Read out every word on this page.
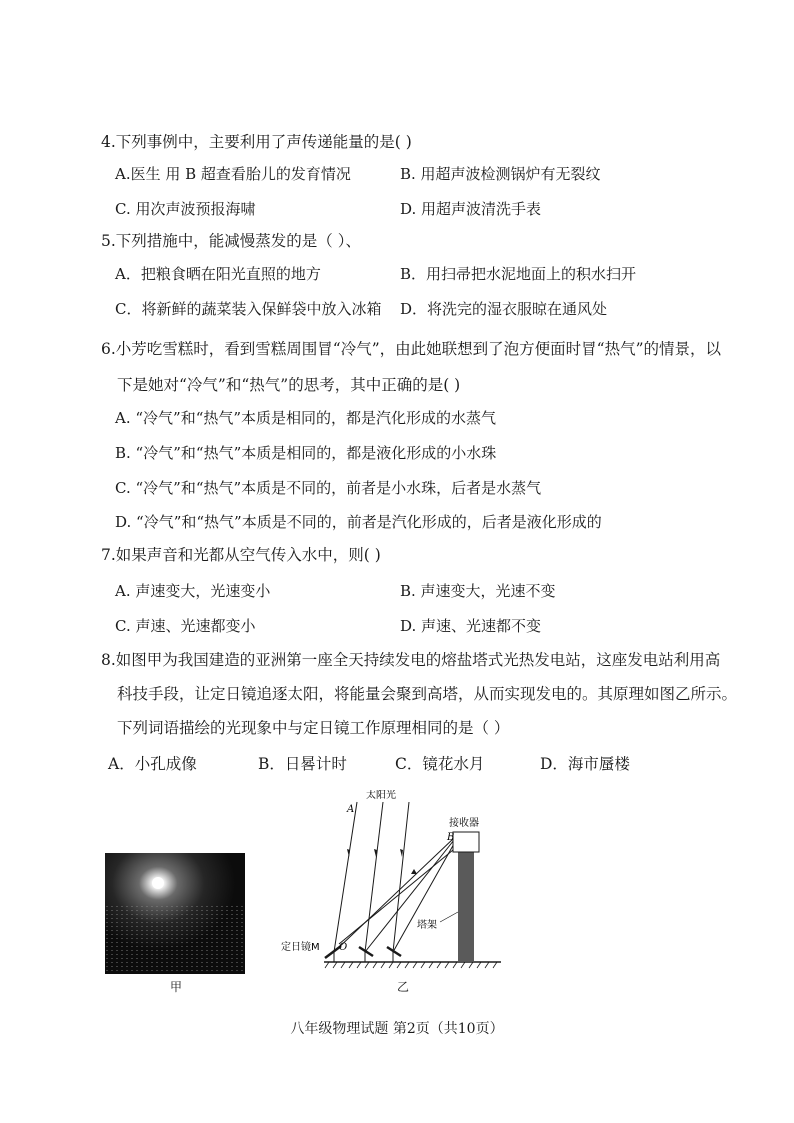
4.下列事例中，主要利用了声传递能量的是( )
A.医生 用 B 超查看胎儿的发育情况	B. 用超声波检测锅炉有无裂纹
C. 用次声波预报海啸	D. 用超声波清洗手表
5.下列措施中，能减慢蒸发的是（ ）、
A．把粮食晒在阳光直照的地方	B．用扫帚把水泥地面上的积水扫开
C．将新鲜的蔬菜装入保鲜袋中放入冰箱 D．将洗完的湿衣服晾在通风处
6.小芳吃雪糕时，看到雪糕周围冒“冷气”，由此她联想到了泡方便面时冒“热气”的情景，以
下是她对“冷气”和“热气”的思考，其中正确的是( )
A. “冷气”和“热气”本质是相同的，都是汽化形成的水蒸气
B. “冷气”和“热气”本质是相同的，都是液化形成的小水珠
C. “冷气”和“热气”本质是不同的，前者是小水珠，后者是水蒸气
D. “冷气”和“热气”本质是不同的，前者是汽化形成的，后者是液化形成的
7.如果声音和光都从空气传入水中，则( )
A. 声速变大，光速变小	B. 声速变大，光速不变
C. 声速、光速都变小	D. 声速、光速都不变
8.如图甲为我国建造的亚洲第一座全天持续发电的熔盐塔式光热发电站，这座发电站利用高
科技手段，让定日镜追逐太阳，将能量会聚到高塔，从而实现发电的。其原理如图乙所示。
下列词语描绘的光现象中与定日镜工作原理相同的是（ ）
A．小孔成像	B．日晷计时	C．镜花水月	D．海市蜃楼
甲
太阳光
A
接收器
B
塔架
定日镜M O
乙
八年级物理试题 第2页（共10页）
